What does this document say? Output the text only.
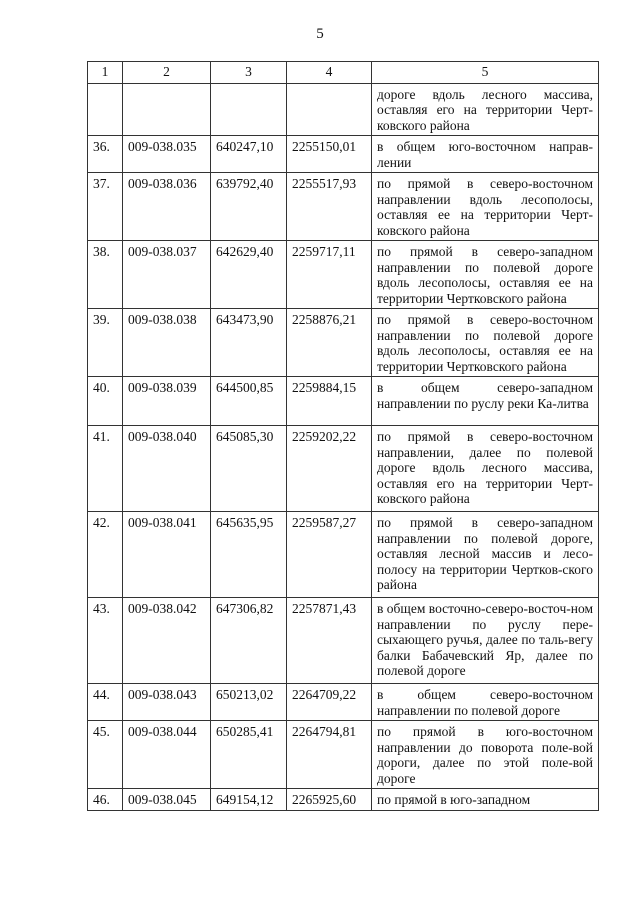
5
1	2	3	4	5
				дороге вдоль лесного массива, оставляя его на территории Черт-ковского района
36.	009-038.035	640247,10	2255150,01	в общем юго-восточном направ-лении
37.	009-038.036	639792,40	2255517,93	по прямой в северо-восточном направлении вдоль лесополосы, оставляя ее на территории Черт-ковского района
38.	009-038.037	642629,40	2259717,11	по прямой в северо-западном направлении по полевой дороге вдоль лесополосы, оставляя ее на территории Чертковского района
39.	009-038.038	643473,90	2258876,21	по прямой в северо-восточном направлении по полевой дороге вдоль лесополосы, оставляя ее на территории Чертковского района
40.	009-038.039	644500,85	2259884,15	в общем северо-западном направлении по руслу реки Ка-литва
41.	009-038.040	645085,30	2259202,22	по прямой в северо-восточном направлении, далее по полевой дороге вдоль лесного массива, оставляя его на территории Черт-ковского района
42.	009-038.041	645635,95	2259587,27	по прямой в северо-западном направлении по полевой дороге, оставляя лесной массив и лесо-полосу на территории Чертков-ского района
43.	009-038.042	647306,82	2257871,43	в общем восточно-северо-восточ-ном направлении по руслу пере-сыхающего ручья, далее по таль-вегу балки Бабачевский Яр, далее по полевой дороге
44.	009-038.043	650213,02	2264709,22	в общем северо-восточном направлении по полевой дороге
45.	009-038.044	650285,41	2264794,81	по прямой в юго-восточном направлении до поворота поле-вой дороги, далее по этой поле-вой дороге
46.	009-038.045	649154,12	2265925,60	по прямой в юго-западном
